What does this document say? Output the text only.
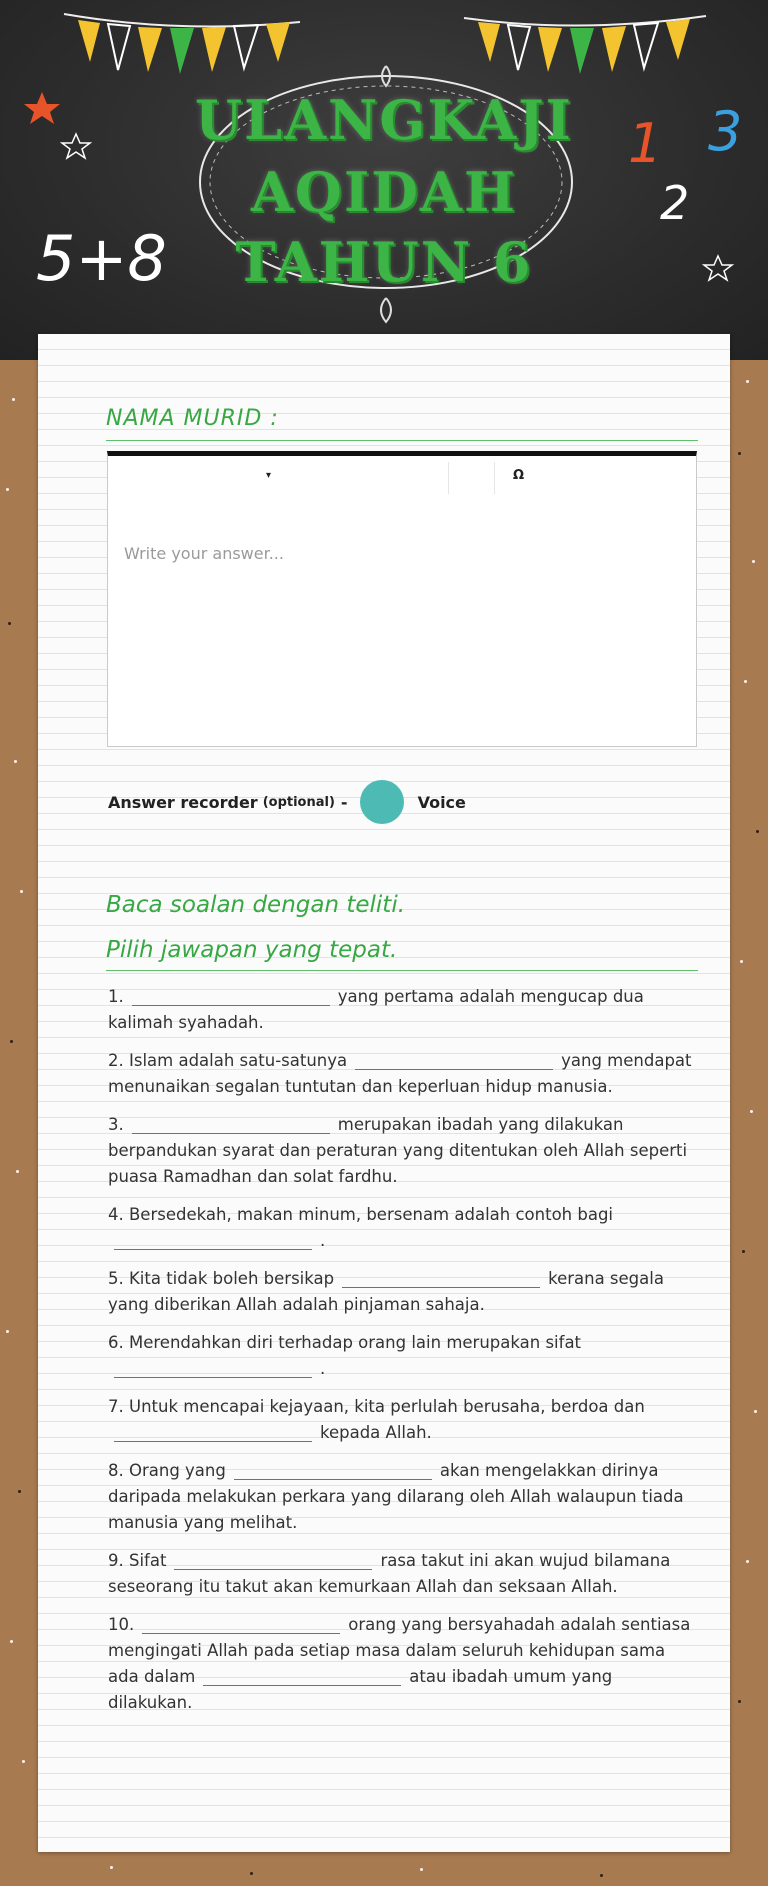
ULANGKAJI
AQIDAH
TAHUN 6
1
2
3
5+8
NAMA MURID :
▾	Ω
Write your answer...
Answer recorder (optional) -	Voice
Baca soalan dengan teliti.
Pilih jawapan yang tepat.
1.	yang pertama adalah mengucap dua kalimah syahadah.
2. Islam adalah satu-satunya	yang mendapat menunaikan segalan tuntutan dan keperluan hidup manusia.
3.	merupakan ibadah yang dilakukan berpandukan syarat dan peraturan yang ditentukan oleh Allah seperti puasa Ramadhan dan solat fardhu.
4. Bersedekah, makan minum, bersenam adalah contoh bagi
.
5. Kita tidak boleh bersikap	kerana segala yang diberikan Allah adalah pinjaman sahaja.
6. Merendahkan diri terhadap orang lain merupakan sifat
.
7. Untuk mencapai kejayaan, kita perlulah berusaha, berdoa dan
kepada Allah.
8. Orang yang	akan mengelakkan dirinya daripada melakukan perkara yang dilarang oleh Allah walaupun tiada manusia yang melihat.
9. Sifat	rasa takut ini akan wujud bilamana seseorang itu takut akan kemurkaan Allah dan seksaan Allah.
10.	orang yang bersyahadah adalah sentiasa mengingati Allah pada setiap masa dalam seluruh kehidupan sama ada dalam	atau ibadah umum yang dilakukan.
